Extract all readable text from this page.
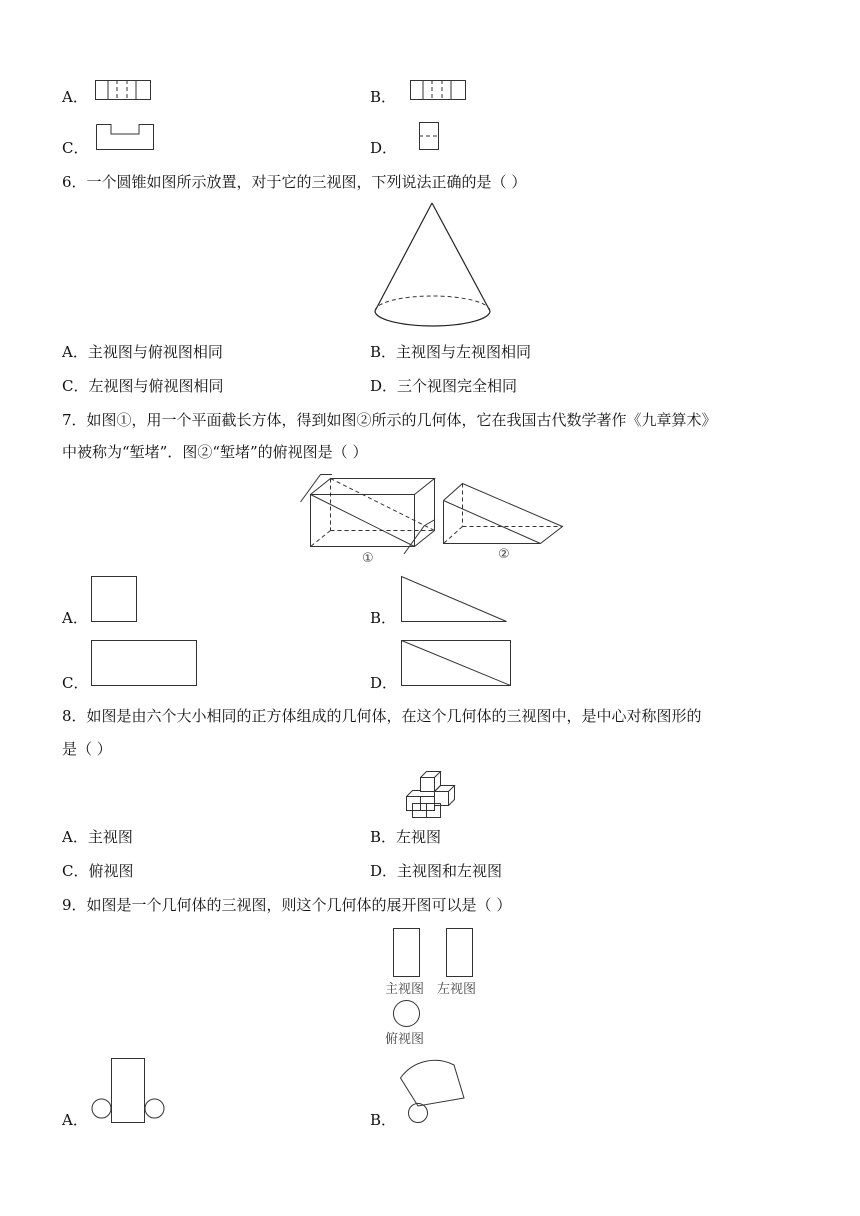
A．	B．
C．	D．
6．一个圆锥如图所示放置，对于它的三视图，下列说法正确的是（ ）
A．主视图与俯视图相同	B．主视图与左视图相同
C．左视图与俯视图相同	D．三个视图完全相同
7．如图①，用一个平面截长方体，得到如图②所示的几何体，它在我国古代数学著作《九章算术》
中被称为“堑堵”．图②“堑堵”的俯视图是（ ）
①	②
A．	B．
C．	D．
8．如图是由六个大小相同的正方体组成的几何体，在这个几何体的三视图中，是中心对称图形的
是（ ）
A．主视图	B．左视图
C．俯视图	D．主视图和左视图
9．如图是一个几何体的三视图，则这个几何体的展开图可以是（ ）
主视图 左视图
俯视图
A．	B．
